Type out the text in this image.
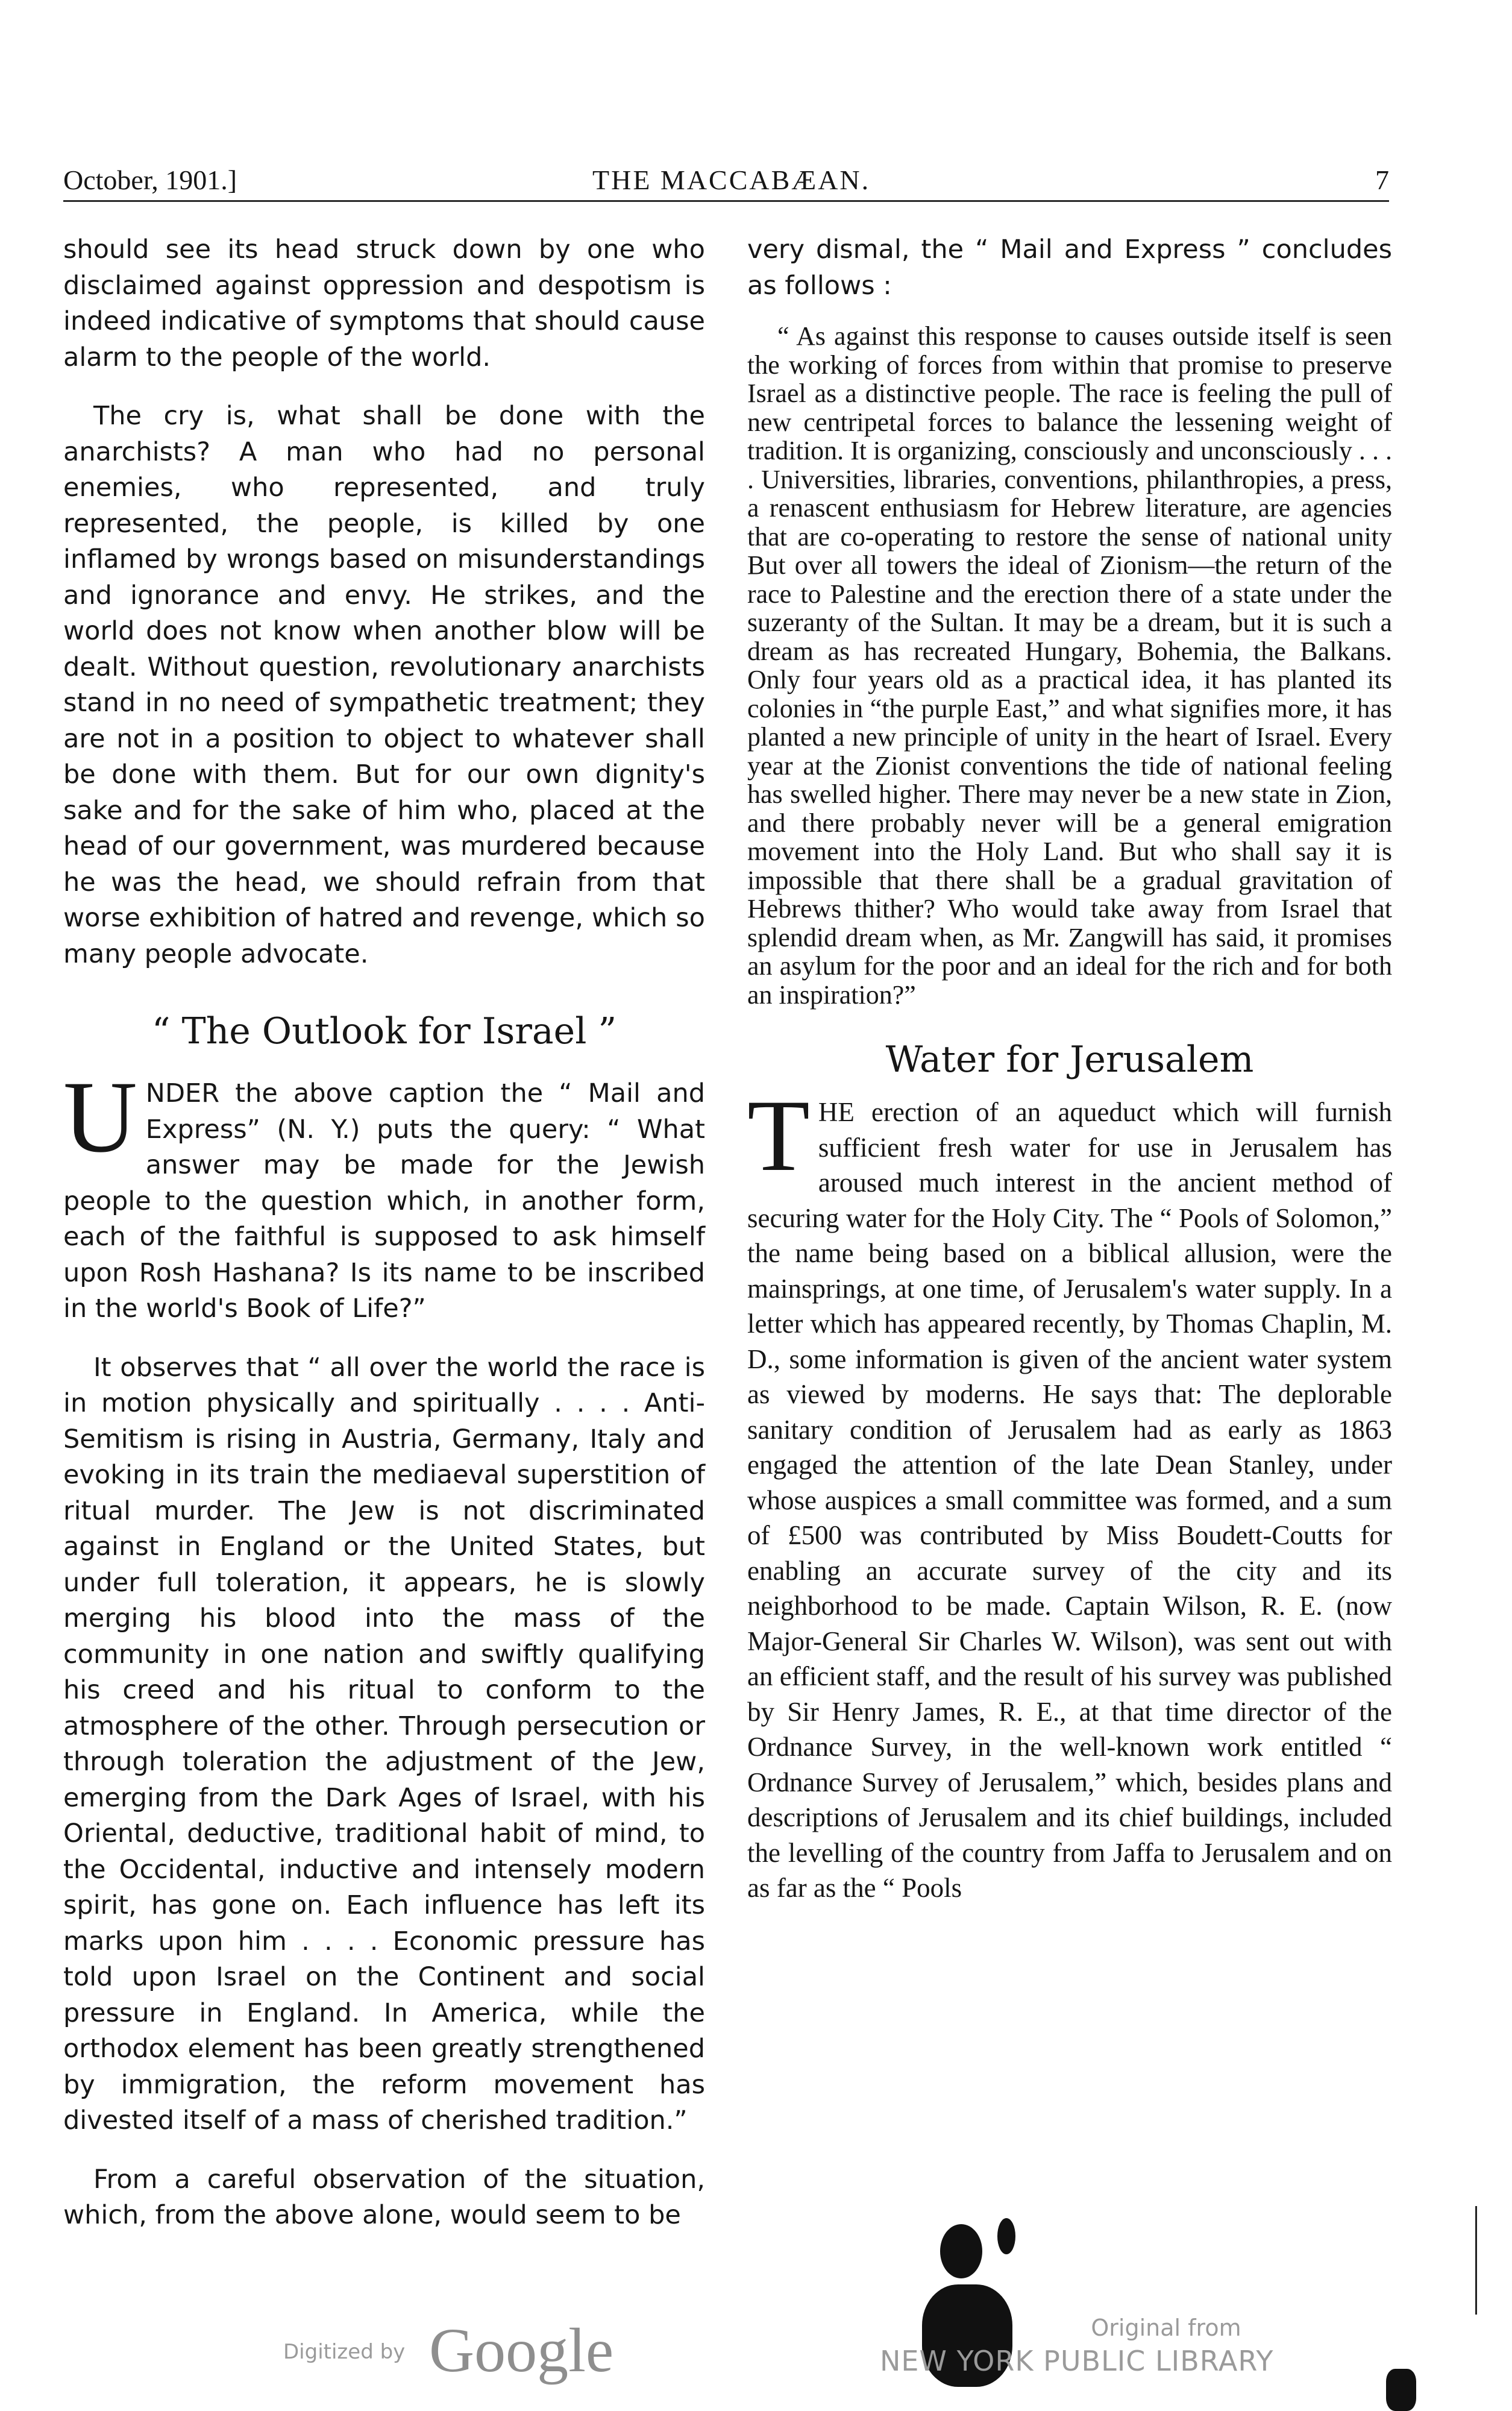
October, 1901.]	THE MACCABÆAN.	7

should see its head struck down by one who disclaimed against oppression and despotism is indeed indicative of symptoms that should cause alarm to the people of the world.

The cry is, what shall be done with the anarchists? A man who had no personal enemies, who represented, and truly represented, the people, is killed by one inflamed by wrongs based on misunderstandings and ignorance and envy. He strikes, and the world does not know when another blow will be dealt. Without question, revolutionary anarchists stand in no need of sympathetic treatment; they are not in a position to object to whatever shall be done with them. But for our own dignity's sake and for the sake of him who, placed at the head of our government, was murdered because he was the head, we should refrain from that worse exhibition of hatred and revenge, which so many people advocate.

“ The Outlook for Israel ”

UNDER the above caption the “ Mail and Express” (N. Y.) puts the query: “ What answer may be made for the Jewish people to the question which, in another form, each of the faithful is supposed to ask himself upon Rosh Hashana? Is its name to be inscribed in the world's Book of Life?”

It observes that “ all over the world the race is in motion physically and spiritually . . . . Anti-Semitism is rising in Austria, Germany, Italy and evoking in its train the mediaeval superstition of ritual murder. The Jew is not discriminated against in England or the United States, but under full toleration, it appears, he is slowly merging his blood into the mass of the community in one nation and swiftly qualifying his creed and his ritual to conform to the atmosphere of the other. Through persecution or through toleration the adjustment of the Jew, emerging from the Dark Ages of Israel, with his Oriental, deductive, traditional habit of mind, to the Occidental, inductive and intensely modern spirit, has gone on. Each influence has left its marks upon him . . . . Economic pressure has told upon Israel on the Continent and social pressure in England. In America, while the orthodox element has been greatly strengthened by immigration, the reform movement has divested itself of a mass of cherished tradition.”

From a careful observation of the situation, which, from the above alone, would seem to be

very dismal, the “ Mail and Express ” concludes as follows :

“ As against this response to causes outside itself is seen the working of forces from within that promise to preserve Israel as a distinctive people. The race is feeling the pull of new centripetal forces to balance the lessening weight of tradition. It is organizing, consciously and unconsciously . . . . Universities, libraries, conventions, philanthropies, a press, a renascent enthusiasm for Hebrew literature, are agencies that are co-operating to restore the sense of national unity But over all towers the ideal of Zionism—the return of the race to Palestine and the erection there of a state under the suzeranty of the Sultan. It may be a dream, but it is such a dream as has recreated Hungary, Bohemia, the Balkans. Only four years old as a practical idea, it has planted its colonies in “the purple East,” and what signifies more, it has planted a new principle of unity in the heart of Israel. Every year at the Zionist conventions the tide of national feeling has swelled higher. There may never be a new state in Zion, and there probably never will be a general emigration movement into the Holy Land. But who shall say it is impossible that there shall be a gradual gravitation of Hebrews thither? Who would take away from Israel that splendid dream when, as Mr. Zangwill has said, it promises an asylum for the poor and an ideal for the rich and for both an inspiration?”

Water for Jerusalem

THE erection of an aqueduct which will furnish sufficient fresh water for use in Jerusalem has aroused much interest in the ancient method of securing water for the Holy City. The “ Pools of Solomon,” the name being based on a biblical allusion, were the mainsprings, at one time, of Jerusalem's water supply. In a letter which has appeared recently, by Thomas Chaplin, M. D., some information is given of the ancient water system as viewed by moderns. He says that: The deplorable sanitary condition of Jerusalem had as early as 1863 engaged the attention of the late Dean Stanley, under whose auspices a small committee was formed, and a sum of £500 was contributed by Miss Boudett-Coutts for enabling an accurate survey of the city and its neighborhood to be made. Captain Wilson, R. E. (now Major-General Sir Charles W. Wilson), was sent out with an efficient staff, and the result of his survey was published by Sir Henry James, R. E., at that time director of the Ordnance Survey, in the well-known work entitled “ Ordnance Survey of Jerusalem,” which, besides plans and descriptions of Jerusalem and its chief buildings, included the levelling of the country from Jaffa to Jerusalem and on as far as the “ Pools

Digitized by Google	Original from
NEW YORK PUBLIC LIBRARY
